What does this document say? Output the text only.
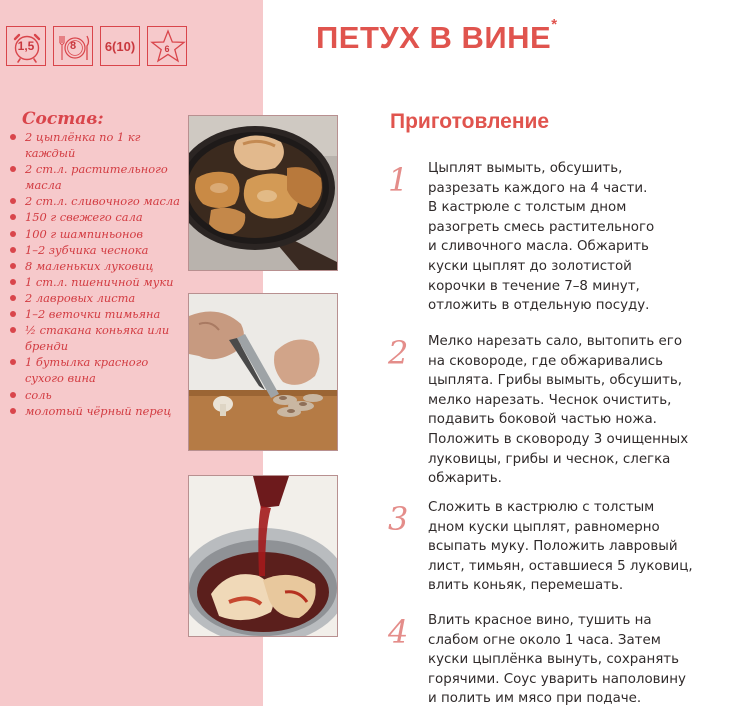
1,5	8 6(10)	6
Состав:
2 цыплёнка по 1 кг каждый
2 ст.л. растительного масла
2 ст.л. сливочного масла
150 г свежего сала
100 г шампиньонов
1–2 зубчика чеснока
8 маленьких луковиц
1 ст.л. пшеничной муки
2 лавровых листа
1–2 веточки тимьяна
½ стакана коньяка или бренди
1 бутылка красного сухого вина
соль
молотый чёрный перец
ПЕТУХ В ВИНЕ*
Приготовление
1	Цыплят вымыть, обсушить,
разрезать каждого на 4 части.
В кастрюле с толстым дном
разогреть смесь растительного
и сливочного масла. Обжарить
куски цыплят до золотистой
корочки в течение 7–8 минут,
отложить в отдельную посуду.
2	Мелко нарезать сало, вытопить его
на сковороде, где обжаривались
цыплята. Грибы вымыть, обсушить,
мелко нарезать. Чеснок очистить,
подавить боковой частью ножа.
Положить в сковороду 3 очищенных
луковицы, грибы и чеснок, слегка
обжарить.
3	Сложить в кастрюлю с толстым
дном куски цыплят, равномерно
всыпать муку. Положить лавровый
лист, тимьян, оставшиеся 5 луковиц,
влить коньяк, перемешать.
4	Влить красное вино, тушить на
слабом огне около 1 часа. Затем
куски цыплёнка вынуть, сохранять
горячими. Соус уварить наполовину
и полить им мясо при подаче.
